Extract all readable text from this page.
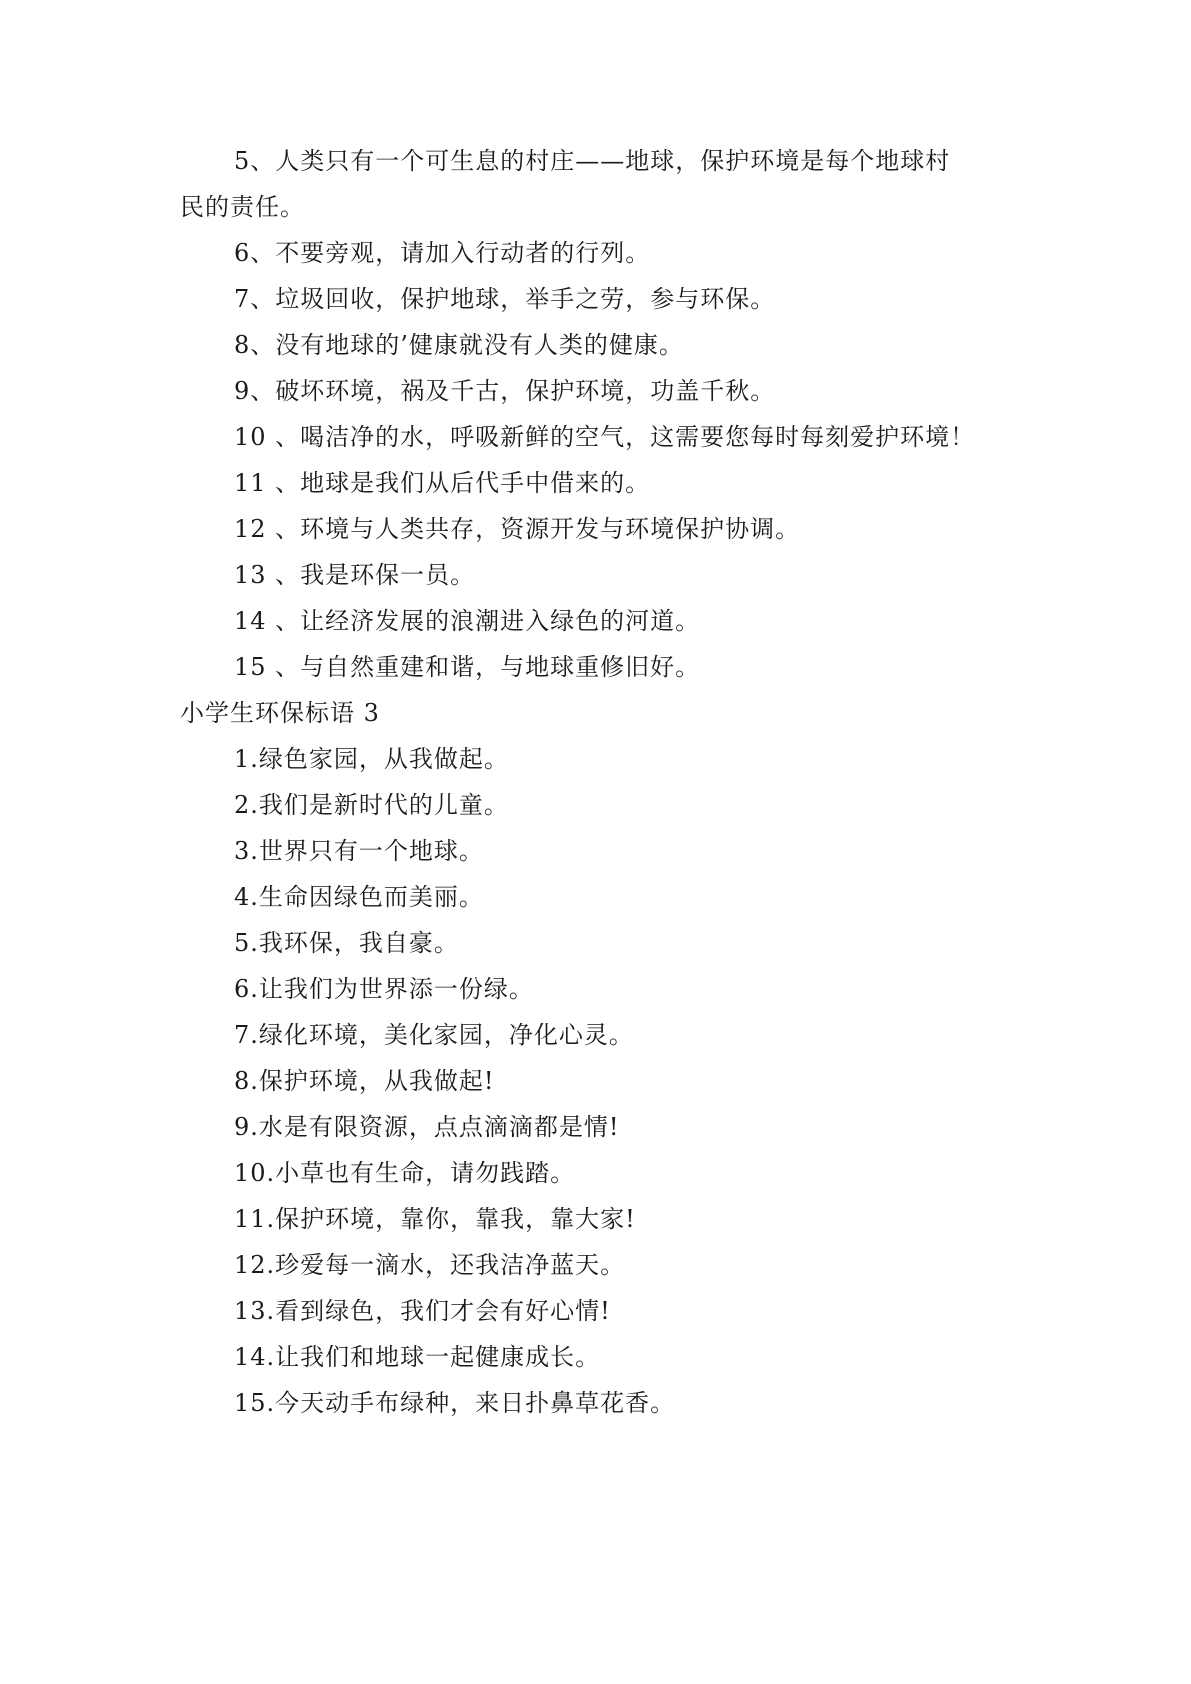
5、人类只有一个可生息的村庄——地球，保护环境是每个地球村
民的责任。
6、不要旁观，请加入行动者的行列。
7、垃圾回收，保护地球，举手之劳，参与环保。
8、没有地球的’健康就没有人类的健康。
9、破坏环境，祸及千古，保护环境，功盖千秋。
10 、喝洁净的水，呼吸新鲜的空气，这需要您每时每刻爱护环境！
11 、地球是我们从后代手中借来的。
12 、环境与人类共存，资源开发与环境保护协调。
13 、我是环保一员。
14 、让经济发展的浪潮进入绿色的河道。
15 、与自然重建和谐，与地球重修旧好。
小学生环保标语 3
1.绿色家园，从我做起。
2.我们是新时代的儿童。
3.世界只有一个地球。
4.生命因绿色而美丽。
5.我环保，我自豪。
6.让我们为世界添一份绿。
7.绿化环境，美化家园，净化心灵。
8.保护环境，从我做起!
9.水是有限资源，点点滴滴都是情!
10.小草也有生命，请勿践踏。
11.保护环境，靠你，靠我，靠大家!
12.珍爱每一滴水，还我洁净蓝天。
13.看到绿色，我们才会有好心情!
14.让我们和地球一起健康成长。
15.今天动手布绿种，来日扑鼻草花香。
